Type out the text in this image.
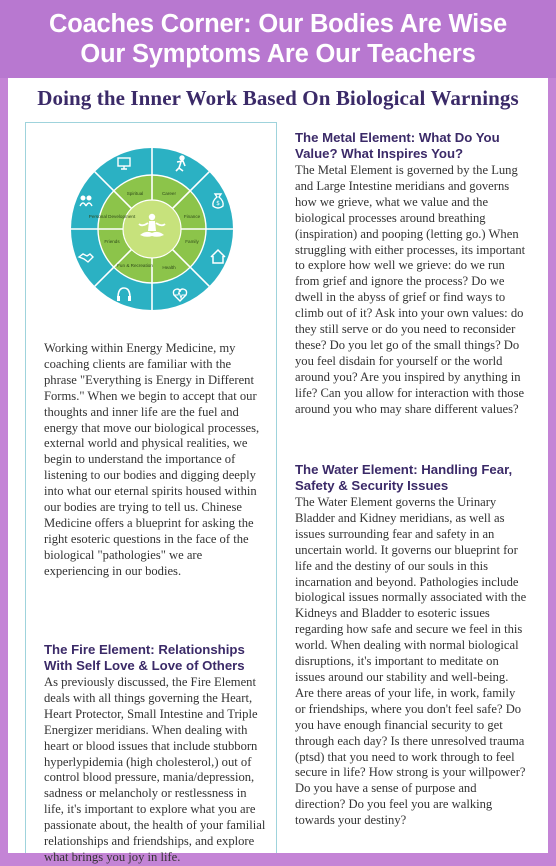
Coaches Corner: Our Bodies Are Wise
Our Symptoms Are Our Teachers
Doing the Inner Work Based On Biological Warnings
$
Spiritual	Career
Finance
Family
Health
Fun & Recreation
Friends
Personal Development
Working within Energy Medicine, my coaching clients are familiar with the phrase "Everything is Energy in Different Forms." When we begin to accept that our thoughts and inner life are the fuel and energy that move our biological processes, external world and physical realities, we begin to understand the importance of listening to our bodies and digging deeply into what our eternal spirits housed within our bodies are trying to tell us. Chinese Medicine offers a blueprint for asking the right esoteric questions in the face of the biological "pathologies" we are experiencing in our bodies.
The Fire Element: Relationships With Self Love & Love of Others
As previously discussed, the Fire Element deals with all things governing the Heart, Heart Protector, Small Intestine and Triple Energizer meridians. When dealing with heart or blood issues that include stubborn hyperlypidemia (high cholesterol,) out of control blood pressure, mania/depression, sadness or melancholy or restlessness in life, it's important to explore what you are passionate about, the health of your familial relationships and friendships, and explore what brings you joy in life.
The Metal Element: What Do You Value? What Inspires You?
The Metal Element is governed by the Lung and Large Intestine meridians and governs how we grieve, what we value and the biological processes around breathing (inspiration) and pooping (letting go.) When struggling with either processes, its important to explore how well we grieve: do we run from grief and ignore the process? Do we dwell in the abyss of grief or find ways to climb out of it? Ask into your own values: do they still serve or do you need to reconsider these? Do you let go of the small things? Do you feel disdain for yourself or the world around you? Are you inspired by anything in life? Can you allow for interaction with those around you who may share different values?
The Water Element: Handling Fear, Safety & Security Issues
The Water Element governs the Urinary Bladder and Kidney meridians, as well as issues surrounding fear and safety in an uncertain world. It governs our blueprint for life and the destiny of our souls in this incarnation and beyond. Pathologies include biological issues normally associated with the Kidneys and Bladder to esoteric issues regarding how safe and secure we feel in this world. When dealing with normal biological disruptions, it's important to meditate on issues around our stability and well-being. Are there areas of your life, in work, family or friendships, where you don't feel safe? Do you have enough financial security to get through each day? Is there unresolved trauma (ptsd) that you need to work through to feel secure in life? How strong is your willpower? Do you have a sense of purpose and direction? Do you feel you are walking towards your destiny?
